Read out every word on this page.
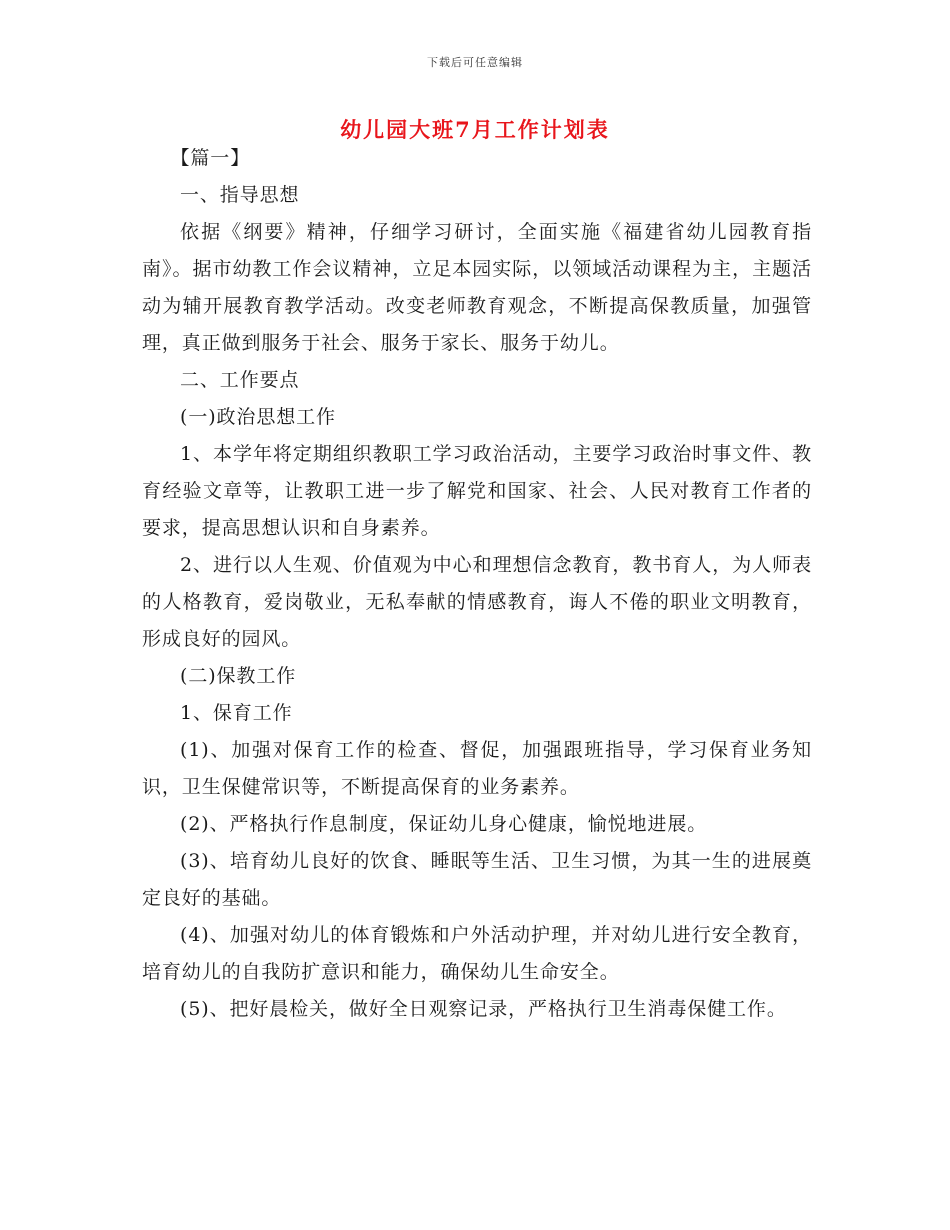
下载后可任意编辑
幼儿园大班7月工作计划表

【篇一】

一、指导思想

依据《纲要》精神，仔细学习研讨，全面实施《福建省幼儿园教育指南》。据市幼教工作会议精神，立足本园实际，以领域活动课程为主，主题活动为辅开展教育教学活动。改变老师教育观念，不断提高保教质量，加强管理，真正做到服务于社会、服务于家长、服务于幼儿。

二、工作要点

(一)政治思想工作

1、本学年将定期组织教职工学习政治活动，主要学习政治时事文件、教育经验文章等，让教职工进一步了解党和国家、社会、人民对教育工作者的要求，提高思想认识和自身素养。

2、进行以人生观、价值观为中心和理想信念教育，教书育人，为人师表的人格教育，爱岗敬业，无私奉献的情感教育，诲人不倦的职业文明教育，形成良好的园风。

(二)保教工作

1、保育工作

(1)、加强对保育工作的检查、督促，加强跟班指导，学习保育业务知识，卫生保健常识等，不断提高保育的业务素养。

(2)、严格执行作息制度，保证幼儿身心健康，愉悦地进展。

(3)、培育幼儿良好的饮食、睡眠等生活、卫生习惯，为其一生的进展奠定良好的基础。

(4)、加强对幼儿的体育锻炼和户外活动护理，并对幼儿进行安全教育，培育幼儿的自我防扩意识和能力，确保幼儿生命安全。

(5)、把好晨检关，做好全日观察记录，严格执行卫生消毒保健工作。
